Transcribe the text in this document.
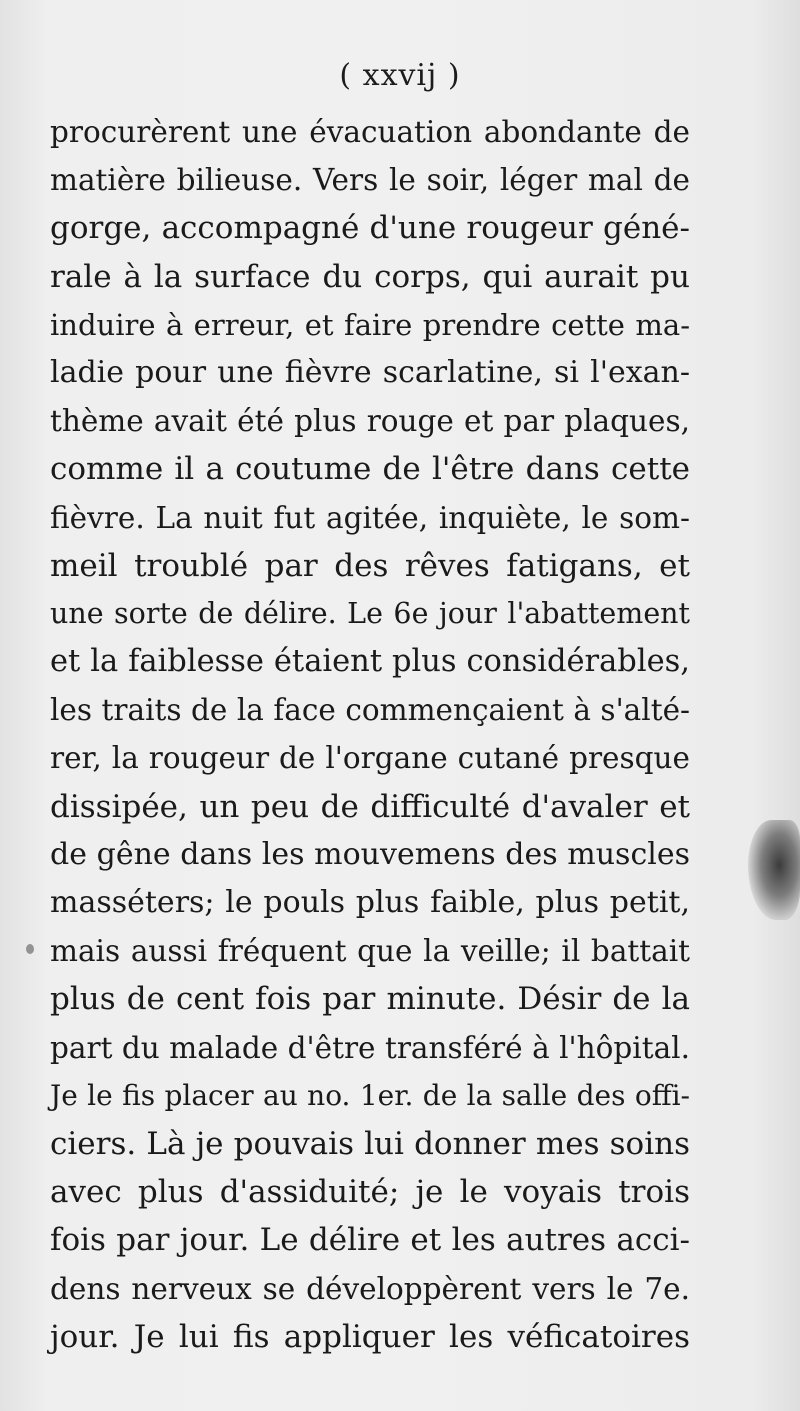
( xxvij )
procurèrent une évacuation abondante de
matière bilieuse. Vers le soir, léger mal de
gorge, accompagné d'une rougeur géné-
rale à la surface du corps, qui aurait pu
induire à erreur, et faire prendre cette ma-
ladie pour une fièvre scarlatine, si l'exan-
thème avait été plus rouge et par plaques,
comme il a coutume de l'être dans cette
fièvre. La nuit fut agitée, inquiète, le som-
meil troublé par des rêves fatigans, et
une sorte de délire. Le 6e jour l'abattement
et la faiblesse étaient plus considérables,
les traits de la face commençaient à s'alté-
rer, la rougeur de l'organe cutané presque
dissipée, un peu de difficulté d'avaler et
de gêne dans les mouvemens des muscles
masséters; le pouls plus faible, plus petit,
mais aussi fréquent que la veille; il battait
plus de cent fois par minute. Désir de la
part du malade d'être transféré à l'hôpital.
Je le fis placer au no. 1er. de la salle des offi-
ciers. Là je pouvais lui donner mes soins
avec plus d'assiduité; je le voyais trois
fois par jour. Le délire et les autres acci-
dens nerveux se développèrent vers le 7e.
jour. Je lui fis appliquer les véficatoires
